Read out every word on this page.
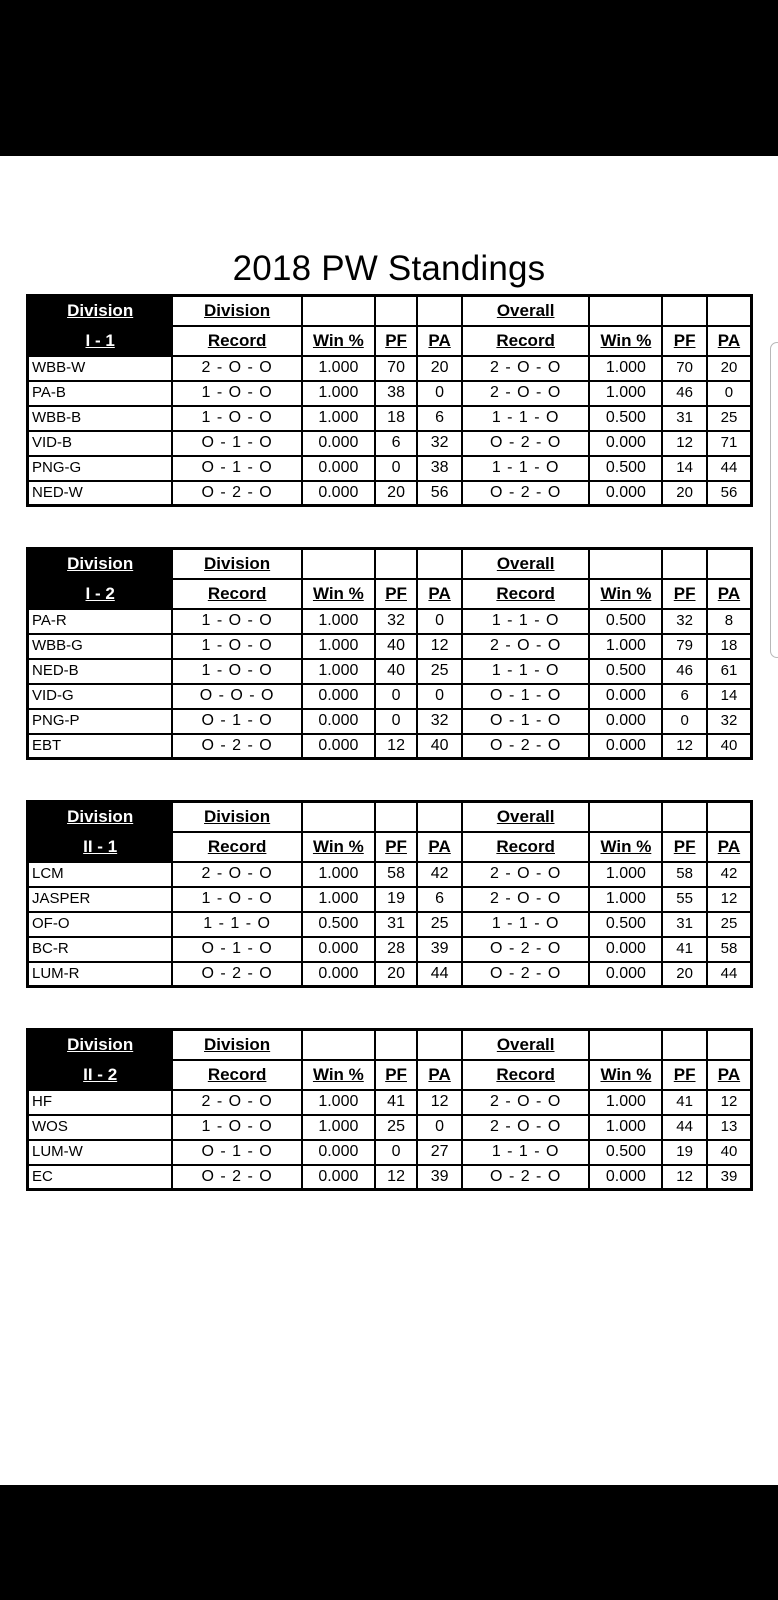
2018 PW Standings
Division	Division				Overall			
I - 1	Record	Win %	PF	PA	Record	Win %	PF	PA
WBB-W	2 - O - O	1.000	70	20	2 - O - O	1.000	70	20
PA-B	1 - O - O	1.000	38	0	2 - O - O	1.000	46	0
WBB-B	1 - O - O	1.000	18	6	1 - 1 - O	0.500	31	25
VID-B	O - 1 - O	0.000	6	32	O - 2 - O	0.000	12	71
PNG-G	O - 1 - O	0.000	0	38	1 - 1 - O	0.500	14	44
NED-W	O - 2 - O	0.000	20	56	O - 2 - O	0.000	20	56
Division	Division				Overall			
I - 2	Record	Win %	PF	PA	Record	Win %	PF	PA
PA-R	1 - O - O	1.000	32	0	1 - 1 - O	0.500	32	8
WBB-G	1 - O - O	1.000	40	12	2 - O - O	1.000	79	18
NED-B	1 - O - O	1.000	40	25	1 - 1 - O	0.500	46	61
VID-G	O - O - O	0.000	0	0	O - 1 - O	0.000	6	14
PNG-P	O - 1 - O	0.000	0	32	O - 1 - O	0.000	0	32
EBT	O - 2 - O	0.000	12	40	O - 2 - O	0.000	12	40
Division	Division				Overall			
II - 1	Record	Win %	PF	PA	Record	Win %	PF	PA
LCM	2 - O - O	1.000	58	42	2 - O - O	1.000	58	42
JASPER	1 - O - O	1.000	19	6	2 - O - O	1.000	55	12
OF-O	1 - 1 - O	0.500	31	25	1 - 1 - O	0.500	31	25
BC-R	O - 1 - O	0.000	28	39	O - 2 - O	0.000	41	58
LUM-R	O - 2 - O	0.000	20	44	O - 2 - O	0.000	20	44
Division	Division				Overall			
II - 2	Record	Win %	PF	PA	Record	Win %	PF	PA
HF	2 - O - O	1.000	41	12	2 - O - O	1.000	41	12
WOS	1 - O - O	1.000	25	0	2 - O - O	1.000	44	13
LUM-W	O - 1 - O	0.000	0	27	1 - 1 - O	0.500	19	40
EC	O - 2 - O	0.000	12	39	O - 2 - O	0.000	12	39
